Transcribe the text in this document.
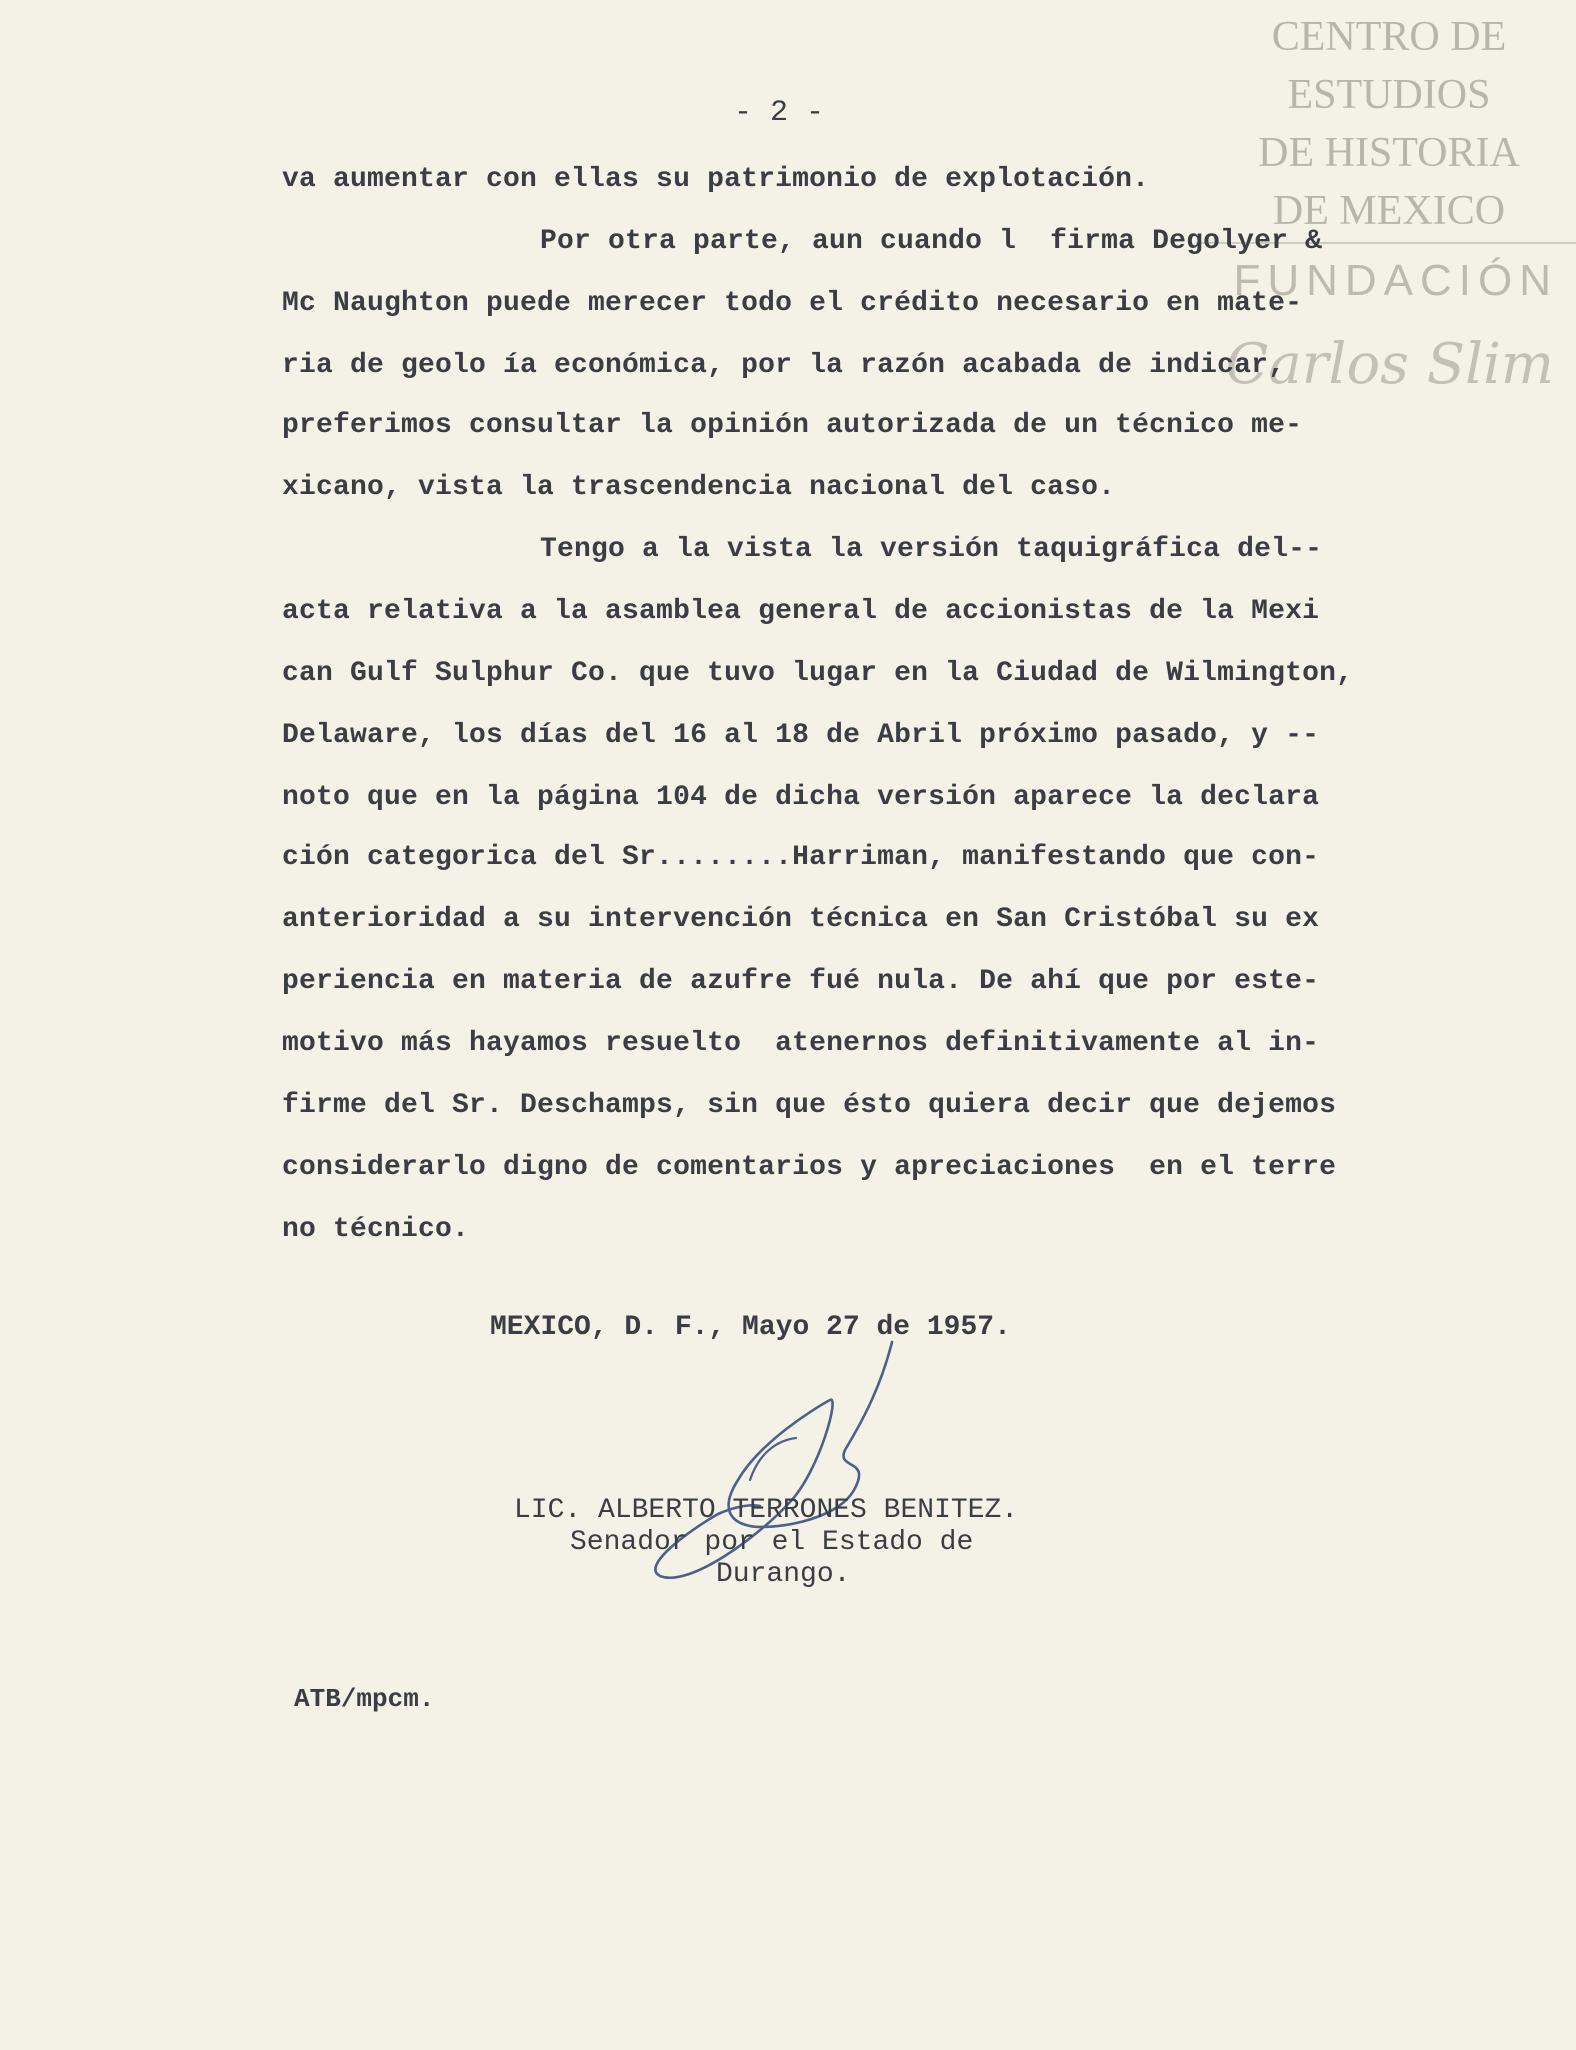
CENTRO DE
ESTUDIOS
DE HISTORIA
DE MEXICO
FUNDACIÓN
Carlos Slim
- 2 -
va aumentar con ellas su patrimonio de explotación.
Por otra parte, aun cuando l  firma Degolyer &
Mc Naughton puede merecer todo el crédito necesario en mate-
ria de geolo ía económica, por la razón acabada de indicar,
preferimos consultar la opinión autorizada de un técnico me-
xicano, vista la trascendencia nacional del caso.
Tengo a la vista la versión taquigráfica del--
acta relativa a la asamblea general de accionistas de la Mexi
can Gulf Sulphur Co. que tuvo lugar en la Ciudad de Wilmington,
Delaware, los días del 16 al 18 de Abril próximo pasado, y --
noto que en la página 104 de dicha versión aparece la declara
ción categorica del Sr........Harriman, manifestando que con-
anterioridad a su intervención técnica en San Cristóbal su ex
periencia en materia de azufre fué nula. De ahí que por este-
motivo más hayamos resuelto  atenernos definitivamente al in-
firme del Sr. Deschamps, sin que ésto quiera decir que dejemos
considerarlo digno de comentarios y apreciaciones  en el terre
no técnico.
MEXICO, D. F., Mayo 27 de 1957.
LIC. ALBERTO TERRONES BENITEZ.
Senador por el Estado de
Durango.
ATB/mpcm.
